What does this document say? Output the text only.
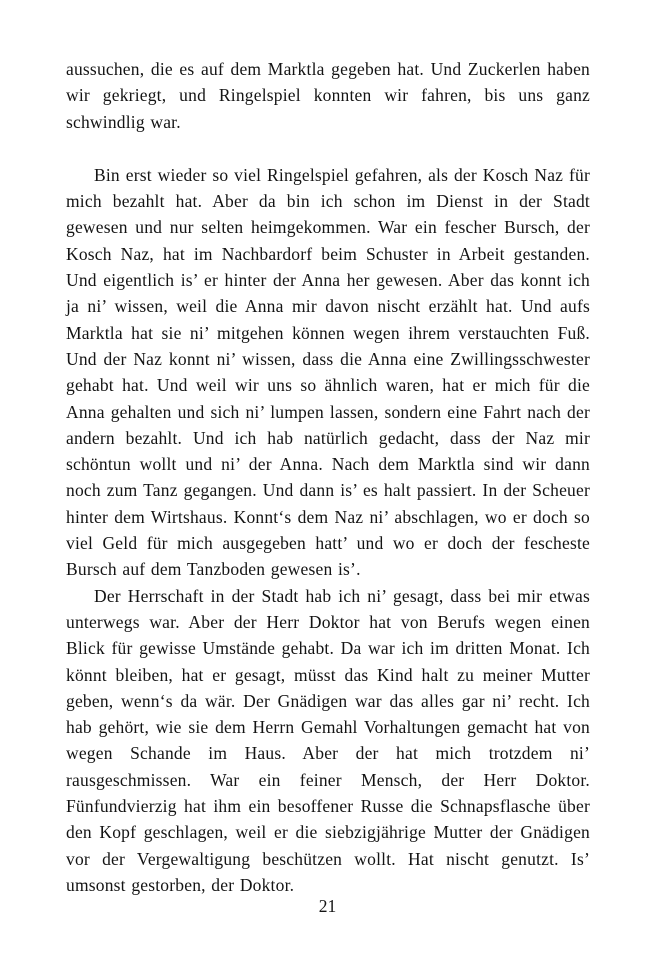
aussuchen, die es auf dem Marktla gegeben hat. Und Zuckerlen haben wir gekriegt, und Ringelspiel konnten wir fahren, bis uns ganz schwindlig war.

Bin erst wieder so viel Ringelspiel gefahren, als der Kosch Naz für mich bezahlt hat. Aber da bin ich schon im Dienst in der Stadt gewesen und nur selten heimgekommen. War ein fescher Bursch, der Kosch Naz, hat im Nachbardorf beim Schuster in Arbeit gestanden. Und eigentlich is’ er hinter der Anna her gewesen. Aber das konnt ich ja ni’ wissen, weil die Anna mir davon nischt erzählt hat. Und aufs Marktla hat sie ni’ mitgehen können wegen ihrem verstauchten Fuß. Und der Naz konnt ni’ wissen, dass die Anna eine Zwillingsschwester gehabt hat. Und weil wir uns so ähnlich waren, hat er mich für die Anna gehalten und sich ni’ lumpen lassen, sondern eine Fahrt nach der andern bezahlt. Und ich hab natürlich gedacht, dass der Naz mir schöntun wollt und ni’ der Anna. Nach dem Marktla sind wir dann noch zum Tanz gegangen. Und dann is’ es halt passiert. In der Scheuer hinter dem Wirtshaus. Konnt‘s dem Naz ni’ abschlagen, wo er doch so viel Geld für mich ausgegeben hatt’ und wo er doch der fescheste Bursch auf dem Tanzboden gewesen is’.

Der Herrschaft in der Stadt hab ich ni’ gesagt, dass bei mir etwas unterwegs war. Aber der Herr Doktor hat von Berufs wegen einen Blick für gewisse Umstände gehabt. Da war ich im dritten Monat. Ich könnt bleiben, hat er gesagt, müsst das Kind halt zu meiner Mutter geben, wenn‘s da wär. Der Gnädigen war das alles gar ni’ recht. Ich hab gehört, wie sie dem Herrn Gemahl Vorhaltungen gemacht hat von wegen Schande im Haus. Aber der hat mich trotzdem ni’ rausgeschmissen. War ein feiner Mensch, der Herr Doktor. Fünfundvierzig hat ihm ein besoffener Russe die Schnapsflasche über den Kopf geschlagen, weil er die siebzigjährige Mutter der Gnädigen vor der Vergewaltigung beschützen wollt. Hat nischt genutzt. Is’ umsonst gestorben, der Doktor.

21
